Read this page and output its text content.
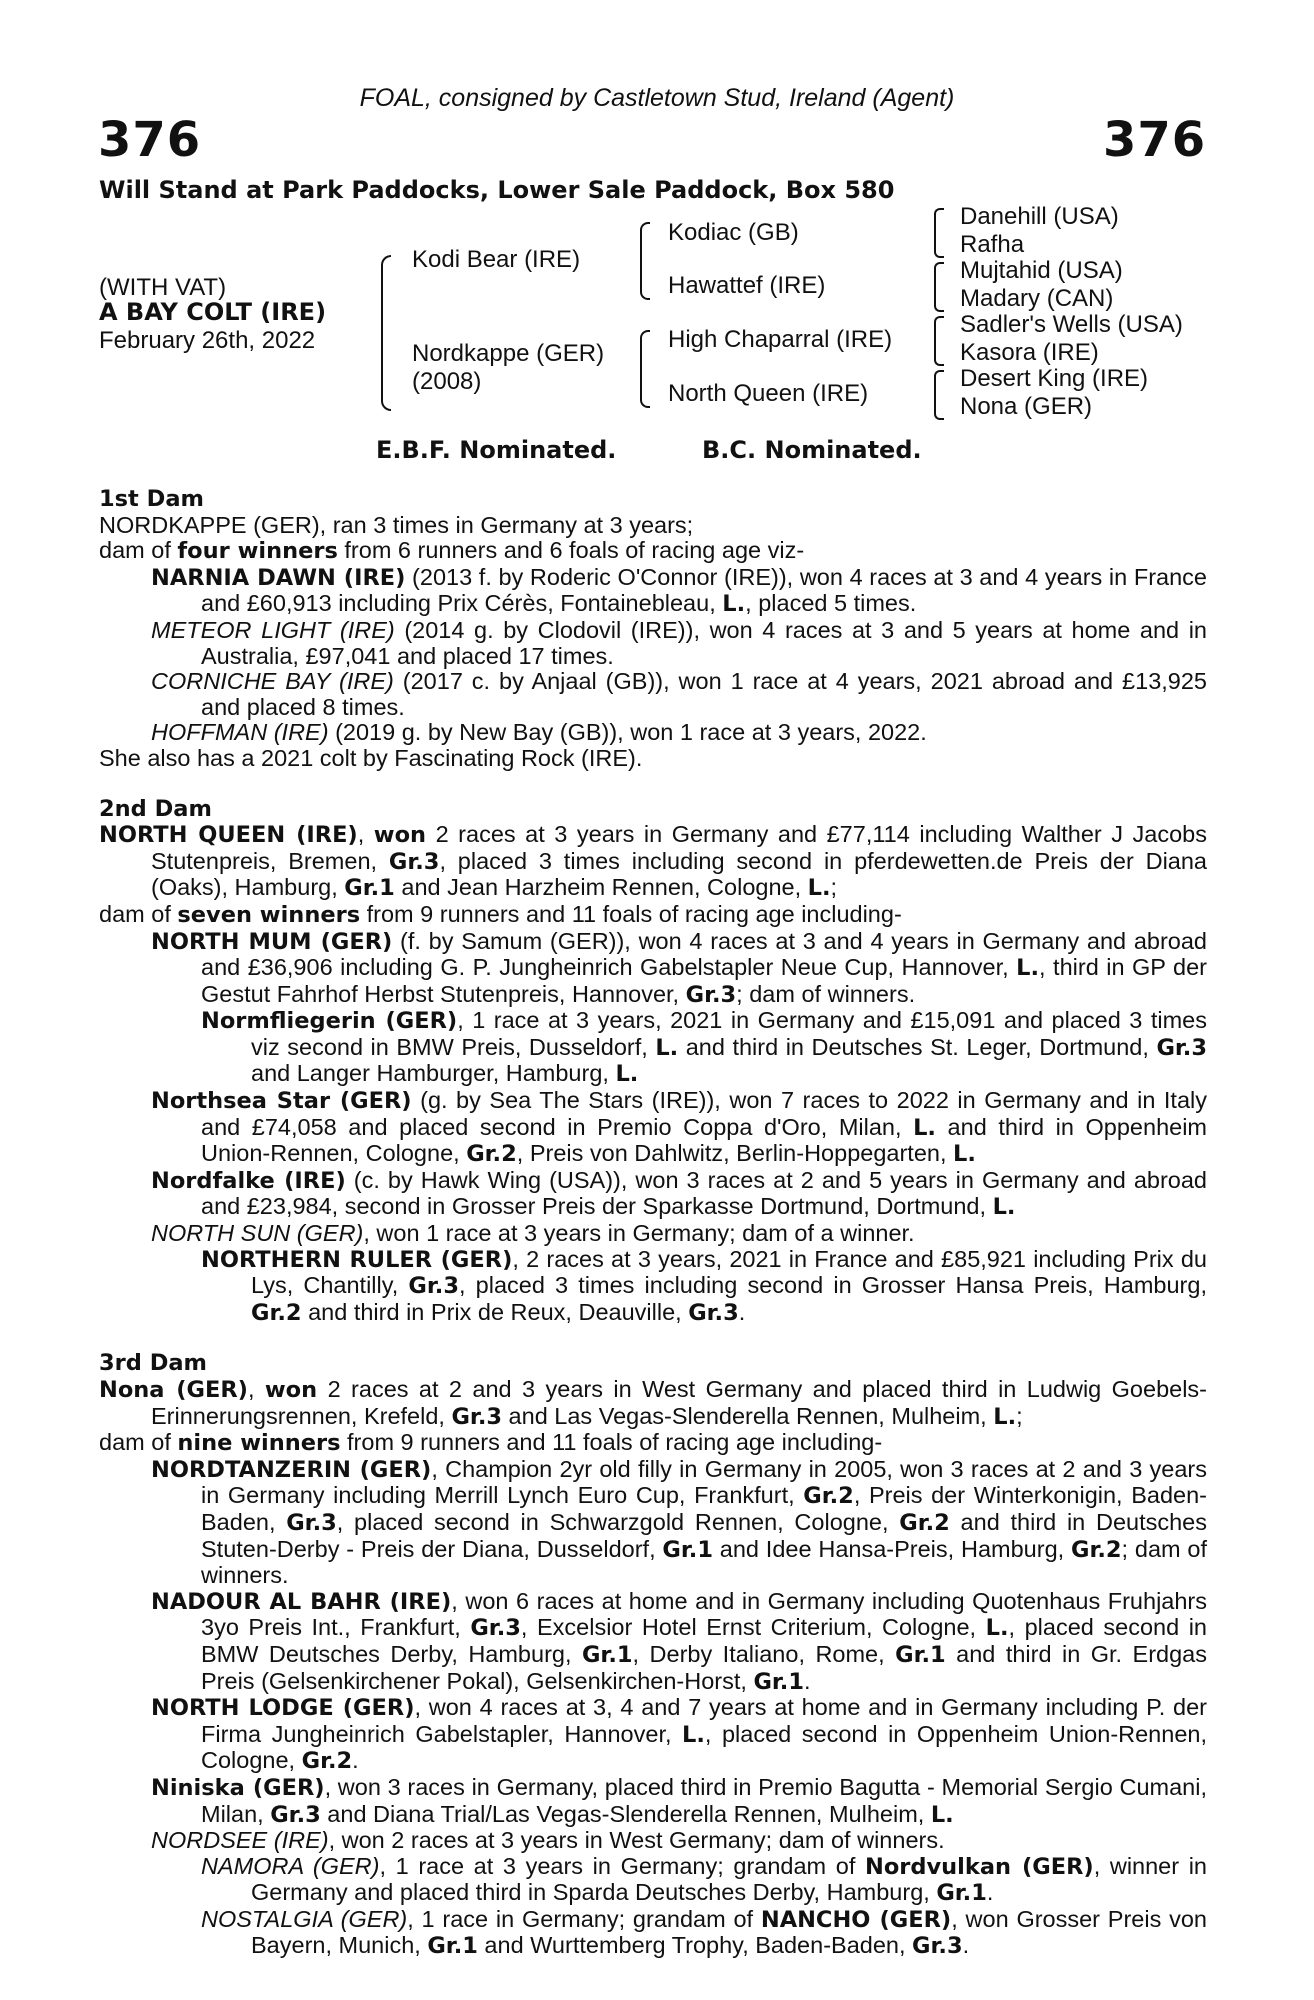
FOAL, consigned by Castletown Stud, Ireland (Agent)
376	376
Will Stand at Park Paddocks, Lower Sale Paddock, Box 580
(WITH VAT)
A BAY COLT (IRE)
February 26th, 2022
Kodi Bear (IRE)
Nordkappe (GER)
(2008)
Kodiac (GB)
Hawattef (IRE)
High Chaparral (IRE)
North Queen (IRE)
Danehill (USA)
Rafha
Mujtahid (USA)
Madary (CAN)
Sadler's Wells (USA)
Kasora (IRE)
Desert King (IRE)
Nona (GER)
E.B.F. Nominated.	B.C. Nominated.

1st Dam

NORDKAPPE (GER), ran 3 times in Germany at 3 years;

dam of four winners from 6 runners and 6 foals of racing age viz-

NARNIA DAWN (IRE) (2013 f. by Roderic O'Connor (IRE)), won 4 races at 3 and 4 years in France and £60,913 including Prix Cérès, Fontainebleau, L., placed 5 times.

METEOR LIGHT (IRE) (2014 g. by Clodovil (IRE)), won 4 races at 3 and 5 years at home and in Australia, £97,041 and placed 17 times.

CORNICHE BAY (IRE) (2017 c. by Anjaal (GB)), won 1 race at 4 years, 2021 abroad and £13,925 and placed 8 times.

HOFFMAN (IRE) (2019 g. by New Bay (GB)), won 1 race at 3 years, 2022.

She also has a 2021 colt by Fascinating Rock (IRE).

2nd Dam

NORTH QUEEN (IRE), won 2 races at 3 years in Germany and £77,114 including Walther J Jacobs Stutenpreis, Bremen, Gr.3, placed 3 times including second in pferdewetten.de Preis der Diana (Oaks), Hamburg, Gr.1 and Jean Harzheim Rennen, Cologne, L.;

dam of seven winners from 9 runners and 11 foals of racing age including-

NORTH MUM (GER) (f. by Samum (GER)), won 4 races at 3 and 4 years in Germany and abroad and £36,906 including G. P. Jungheinrich Gabelstapler Neue Cup, Hannover, L., third in GP der Gestut Fahrhof Herbst Stutenpreis, Hannover, Gr.3; dam of winners.

Normfliegerin (GER), 1 race at 3 years, 2021 in Germany and £15,091 and placed 3 times viz second in BMW Preis, Dusseldorf, L. and third in Deutsches St. Leger, Dortmund, Gr.3 and Langer Hamburger, Hamburg, L.

Northsea Star (GER) (g. by Sea The Stars (IRE)), won 7 races to 2022 in Germany and in Italy and £74,058 and placed second in Premio Coppa d'Oro, Milan, L. and third in Oppenheim Union-Rennen, Cologne, Gr.2, Preis von Dahlwitz, Berlin-Hoppegarten, L.

Nordfalke (IRE) (c. by Hawk Wing (USA)), won 3 races at 2 and 5 years in Germany and abroad and £23,984, second in Grosser Preis der Sparkasse Dortmund, Dortmund, L.

NORTH SUN (GER), won 1 race at 3 years in Germany; dam of a winner.

NORTHERN RULER (GER), 2 races at 3 years, 2021 in France and £85,921 including Prix du Lys, Chantilly, Gr.3, placed 3 times including second in Grosser Hansa Preis, Hamburg, Gr.2 and third in Prix de Reux, Deauville, Gr.3.

3rd Dam

Nona (GER), won 2 races at 2 and 3 years in West Germany and placed third in Ludwig Goebels-Erinnerungsrennen, Krefeld, Gr.3 and Las Vegas-Slenderella Rennen, Mulheim, L.;

dam of nine winners from 9 runners and 11 foals of racing age including-

NORDTANZERIN (GER), Champion 2yr old filly in Germany in 2005, won 3 races at 2 and 3 years in Germany including Merrill Lynch Euro Cup, Frankfurt, Gr.2, Preis der Winterkonigin, Baden-Baden, Gr.3, placed second in Schwarzgold Rennen, Cologne, Gr.2 and third in Deutsches Stuten-Derby - Preis der Diana, Dusseldorf, Gr.1 and Idee Hansa-Preis, Hamburg, Gr.2; dam of winners.

NADOUR AL BAHR (IRE), won 6 races at home and in Germany including Quotenhaus Fruhjahrs 3yo Preis Int., Frankfurt, Gr.3, Excelsior Hotel Ernst Criterium, Cologne, L., placed second in BMW Deutsches Derby, Hamburg, Gr.1, Derby Italiano, Rome, Gr.1 and third in Gr. Erdgas Preis (Gelsenkirchener Pokal), Gelsenkirchen-Horst, Gr.1.

NORTH LODGE (GER), won 4 races at 3, 4 and 7 years at home and in Germany including P. der Firma Jungheinrich Gabelstapler, Hannover, L., placed second in Oppenheim Union-Rennen, Cologne, Gr.2.

Niniska (GER), won 3 races in Germany, placed third in Premio Bagutta - Memorial Sergio Cumani, Milan, Gr.3 and Diana Trial/Las Vegas-Slenderella Rennen, Mulheim, L.

NORDSEE (IRE), won 2 races at 3 years in West Germany; dam of winners.

NAMORA (GER), 1 race at 3 years in Germany; grandam of Nordvulkan (GER), winner in Germany and placed third in Sparda Deutsches Derby, Hamburg, Gr.1.

NOSTALGIA (GER), 1 race in Germany; grandam of NANCHO (GER), won Grosser Preis von Bayern, Munich, Gr.1 and Wurttemberg Trophy, Baden-Baden, Gr.3.
